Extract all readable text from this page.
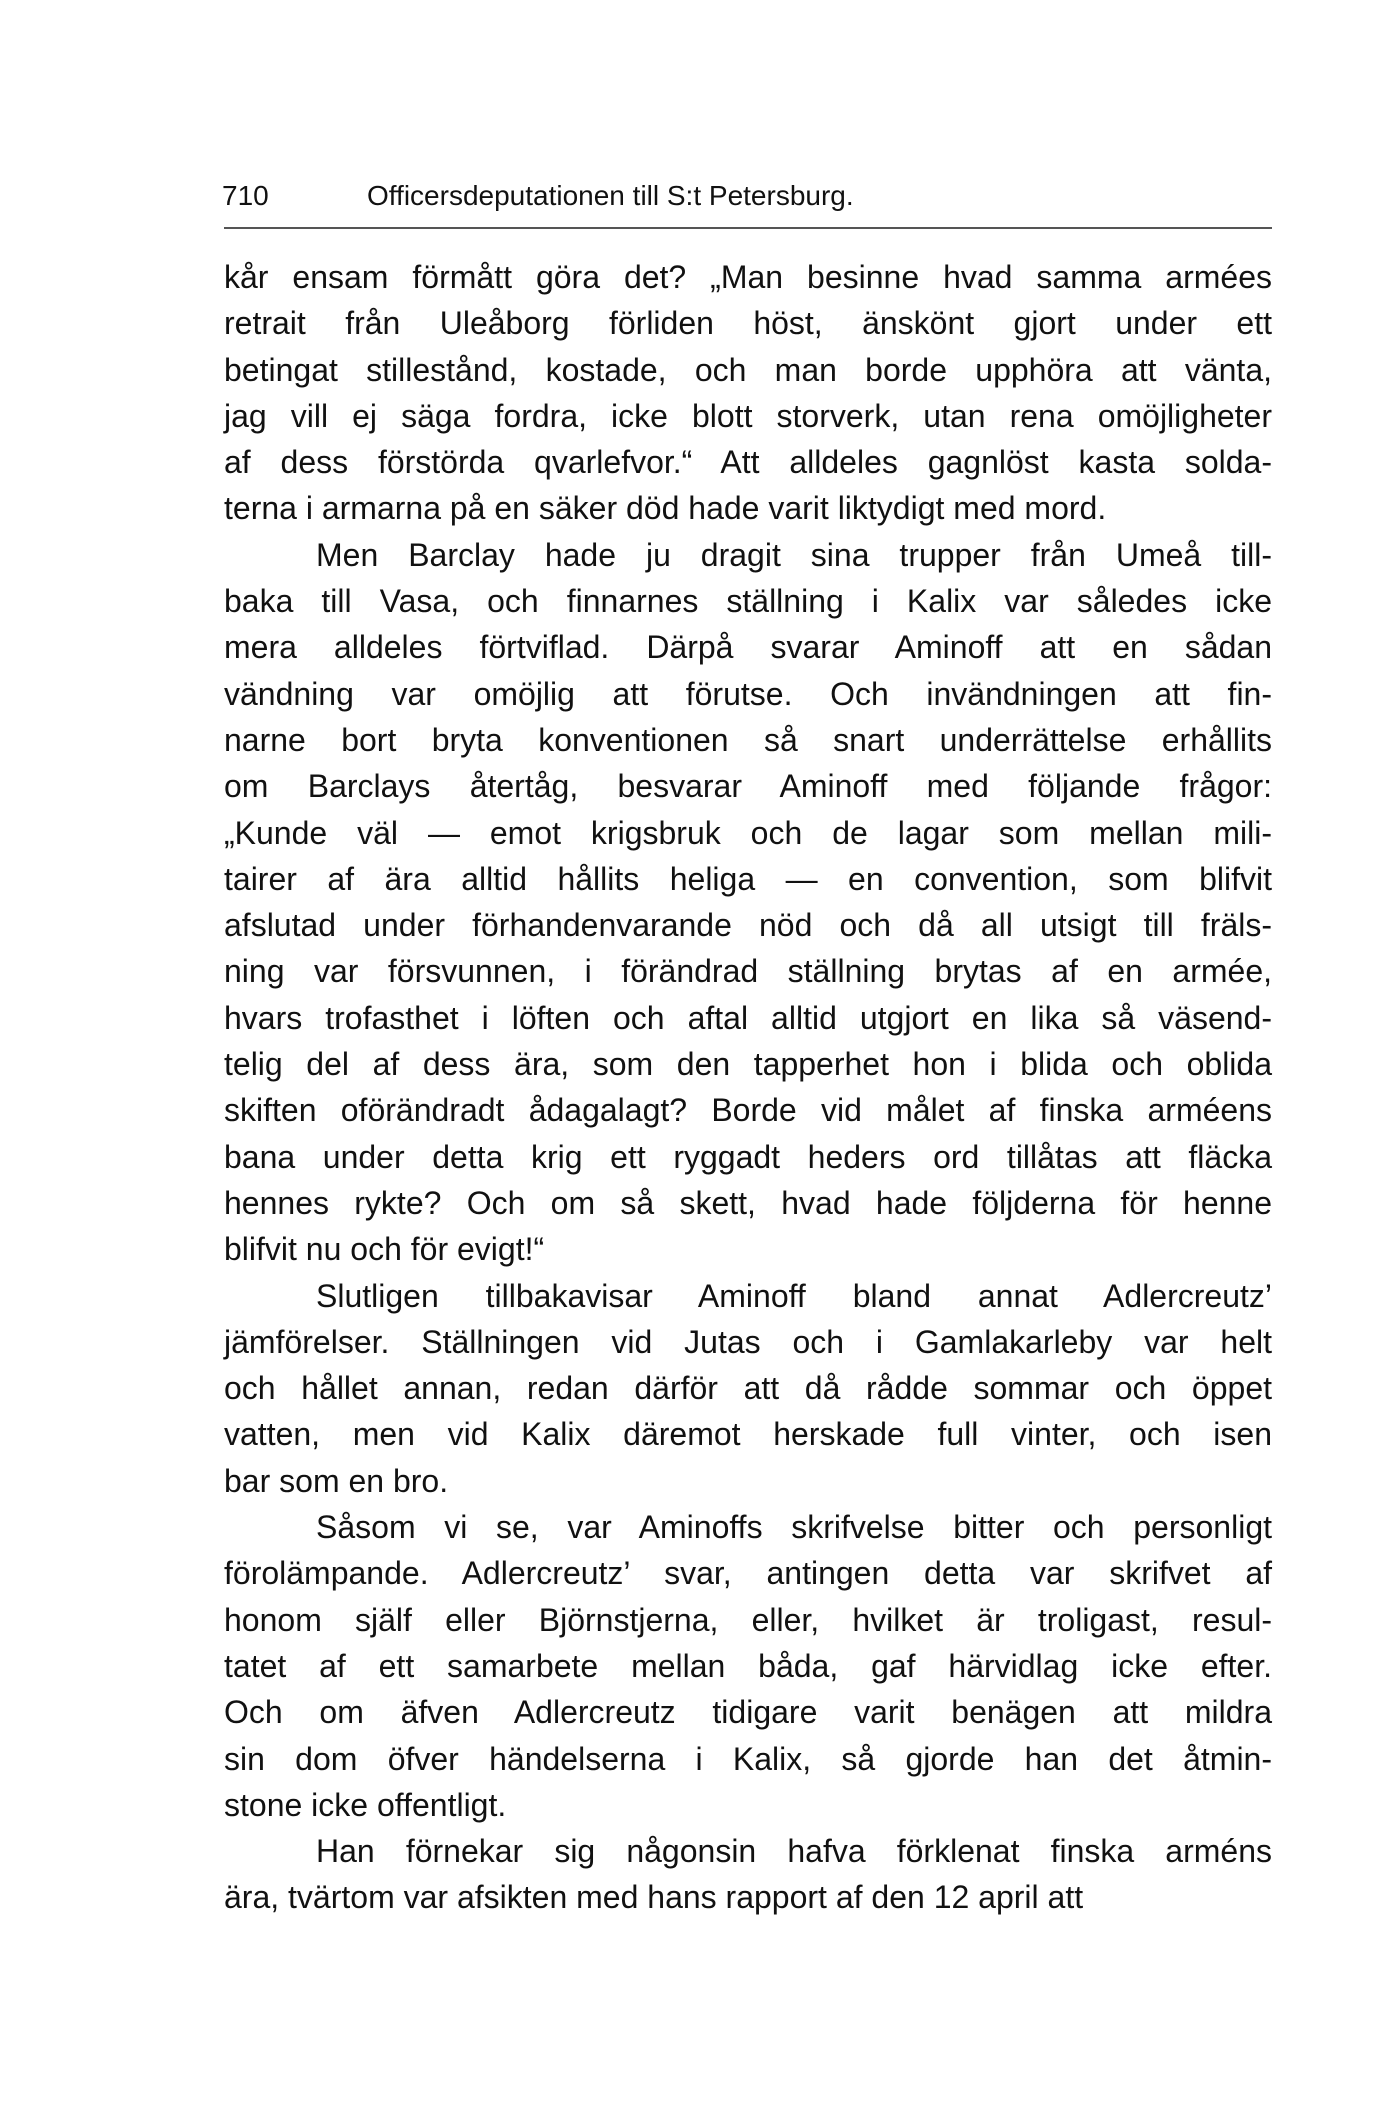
710	Officersdeputationen till S:t Petersburg.
kår ensam förmått göra det? „Man besinne hvad samma armées
retrait från Uleåborg förliden höst, änskönt gjort under ett
betingat stillestånd, kostade, och man borde upphöra att vänta,
jag vill ej säga fordra, icke blott storverk, utan rena omöjligheter
af dess förstörda qvarlefvor.“ Att alldeles gagnlöst kasta solda-
terna i armarna på en säker död hade varit liktydigt med mord.
Men Barclay hade ju dragit sina trupper från Umeå till-
baka till Vasa, och finnarnes ställning i Kalix var således icke
mera alldeles förtviflad. Därpå svarar Aminoff att en sådan
vändning var omöjlig att förutse. Och invändningen att fin-
narne bort bryta konventionen så snart underrättelse erhållits
om Barclays återtåg, besvarar Aminoff med följande frågor:
„Kunde väl — emot krigsbruk och de lagar som mellan mili-
tairer af ära alltid hållits heliga — en convention, som blifvit
afslutad under förhandenvarande nöd och då all utsigt till fräls-
ning var försvunnen, i förändrad ställning brytas af en armée,
hvars trofasthet i löften och aftal alltid utgjort en lika så väsend-
telig del af dess ära, som den tapperhet hon i blida och oblida
skiften oförändradt ådagalagt? Borde vid målet af finska arméens
bana under detta krig ett ryggadt heders ord tillåtas att fläcka
hennes rykte? Och om så skett, hvad hade följderna för henne
blifvit nu och för evigt!“
Slutligen tillbakavisar Aminoff bland annat Adlercreutz’
jämförelser. Ställningen vid Jutas och i Gamlakarleby var helt
och hållet annan, redan därför att då rådde sommar och öppet
vatten, men vid Kalix däremot herskade full vinter, och isen
bar som en bro.
Såsom vi se, var Aminoffs skrifvelse bitter och personligt
förolämpande. Adlercreutz’ svar, antingen detta var skrifvet af
honom själf eller Björnstjerna, eller, hvilket är troligast, resul-
tatet af ett samarbete mellan båda, gaf härvidlag icke efter.
Och om äfven Adlercreutz tidigare varit benägen att mildra
sin dom öfver händelserna i Kalix, så gjorde han det åtmin-
stone icke offentligt.
Han förnekar sig någonsin hafva förklenat finska arméns
ära, tvärtom var afsikten med hans rapport af den 12 april att
